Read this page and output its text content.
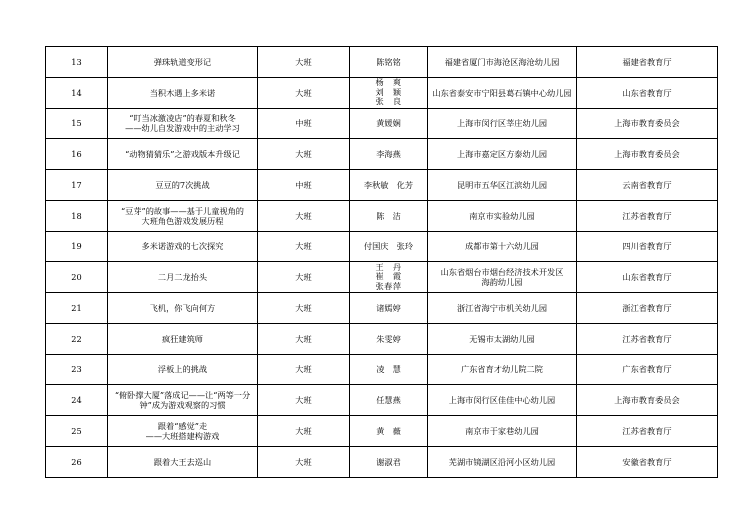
13	弹珠轨道变形记	大班	陈铭铭	福建省厦门市海沧区海沧幼儿园	福建省教育厅
14	当积木遇上多米诺	大班	杨　爽
刘　颖
张　良	山东省泰安市宁阳县葛石镇中心幼儿园	山东省教育厅
15	“叮当冰激凌店”的春夏和秋冬
——幼儿自发游戏中的主动学习	中班	黄媛娴	上海市闵行区莘庄幼儿园	上海市教育委员会
16	“动物猜猜乐”之游戏版本升级记	大班	李海燕	上海市嘉定区方泰幼儿园	上海市教育委员会
17	豆豆的7次挑战	中班	李秋敏　化芳	昆明市五华区江滨幼儿园	云南省教育厅
18	“豆芽”的故事——基于儿童视角的
大班角色游戏发展历程	大班	陈　洁	南京市实验幼儿园	江苏省教育厅
19	多米诺游戏的七次探究	大班	付国庆　张玲	成都市第十六幼儿园	四川省教育厅
20	二月二龙抬头	大班	王　丹
崔　霞
张春萍	山东省烟台市烟台经济技术开发区
海韵幼儿园	山东省教育厅
21	飞机，你飞向何方	大班	诸嫣婷	浙江省海宁市机关幼儿园	浙江省教育厅
22	疯狂建筑师	大班	朱雯婷	无锡市太湖幼儿园	江苏省教育厅
23	浮板上的挑战	大班	凌　慧	广东省育才幼儿院二院	广东省教育厅
24	“俯卧撑大厦”落成记——让“两等一分
钟”成为游戏观察的习惯	大班	任慧燕	上海市闵行区佳佳中心幼儿园	上海市教育委员会
25	跟着“感觉”走
——大班搭建构游戏	大班	黄　薇	南京市于家巷幼儿园	江苏省教育厅
26	跟着大王去巡山	大班	谢淑君	芜湖市镜湖区沿河小区幼儿园	安徽省教育厅
